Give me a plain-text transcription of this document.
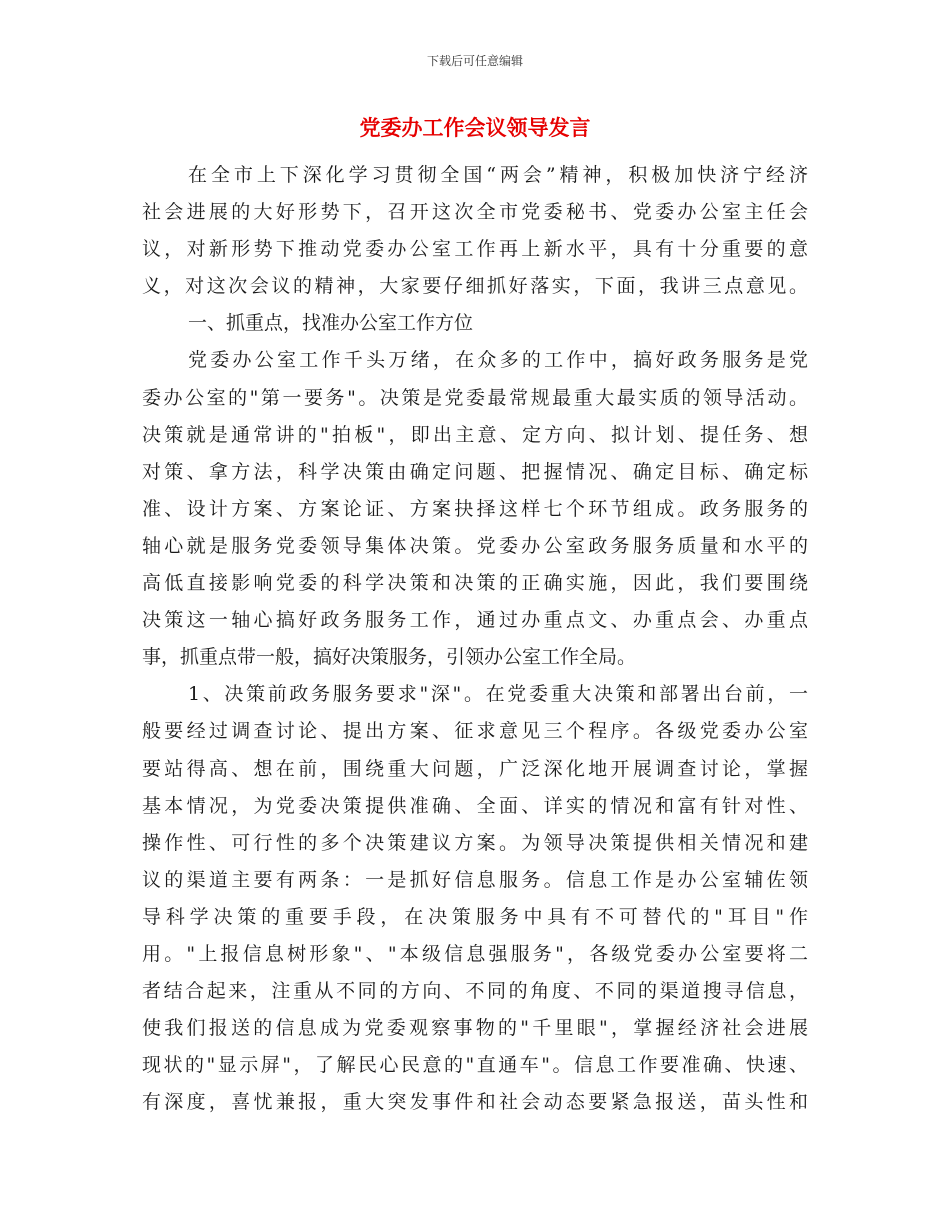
下载后可任意编辑
党委办工作会议领导发言
在全市上下深化学习贯彻全国“两会”精神，积极加快济宁经济
社会进展的大好形势下，召开这次全市党委秘书、党委办公室主任会
议，对新形势下推动党委办公室工作再上新水平，具有十分重要的意
义，对这次会议的精神，大家要仔细抓好落实，下面，我讲三点意见。
一、抓重点，找准办公室工作方位
党委办公室工作千头万绪，在众多的工作中，搞好政务服务是党
委办公室的"第一要务"。决策是党委最常规最重大最实质的领导活动。
决策就是通常讲的"拍板"，即出主意、定方向、拟计划、提任务、想
对策、拿方法，科学决策由确定问题、把握情况、确定目标、确定标
准、设计方案、方案论证、方案抉择这样七个环节组成。政务服务的
轴心就是服务党委领导集体决策。党委办公室政务服务质量和水平的
高低直接影响党委的科学决策和决策的正确实施，因此，我们要围绕
决策这一轴心搞好政务服务工作，通过办重点文、办重点会、办重点
事，抓重点带一般，搞好决策服务，引领办公室工作全局。
1、决策前政务服务要求"深"。在党委重大决策和部署出台前，一
般要经过调查讨论、提出方案、征求意见三个程序。各级党委办公室
要站得高、想在前，围绕重大问题，广泛深化地开展调查讨论，掌握
基本情况，为党委决策提供准确、全面、详实的情况和富有针对性、
操作性、可行性的多个决策建议方案。为领导决策提供相关情况和建
议的渠道主要有两条：一是抓好信息服务。信息工作是办公室辅佐领
导科学决策的重要手段，在决策服务中具有不可替代的"耳目"作
用。"上报信息树形象"、"本级信息强服务"，各级党委办公室要将二
者结合起来，注重从不同的方向、不同的角度、不同的渠道搜寻信息，
使我们报送的信息成为党委观察事物的"千里眼"，掌握经济社会进展
现状的"显示屏"，了解民心民意的"直通车"。信息工作要准确、快速、
有深度，喜忧兼报，重大突发事件和社会动态要紧急报送，苗头性和
